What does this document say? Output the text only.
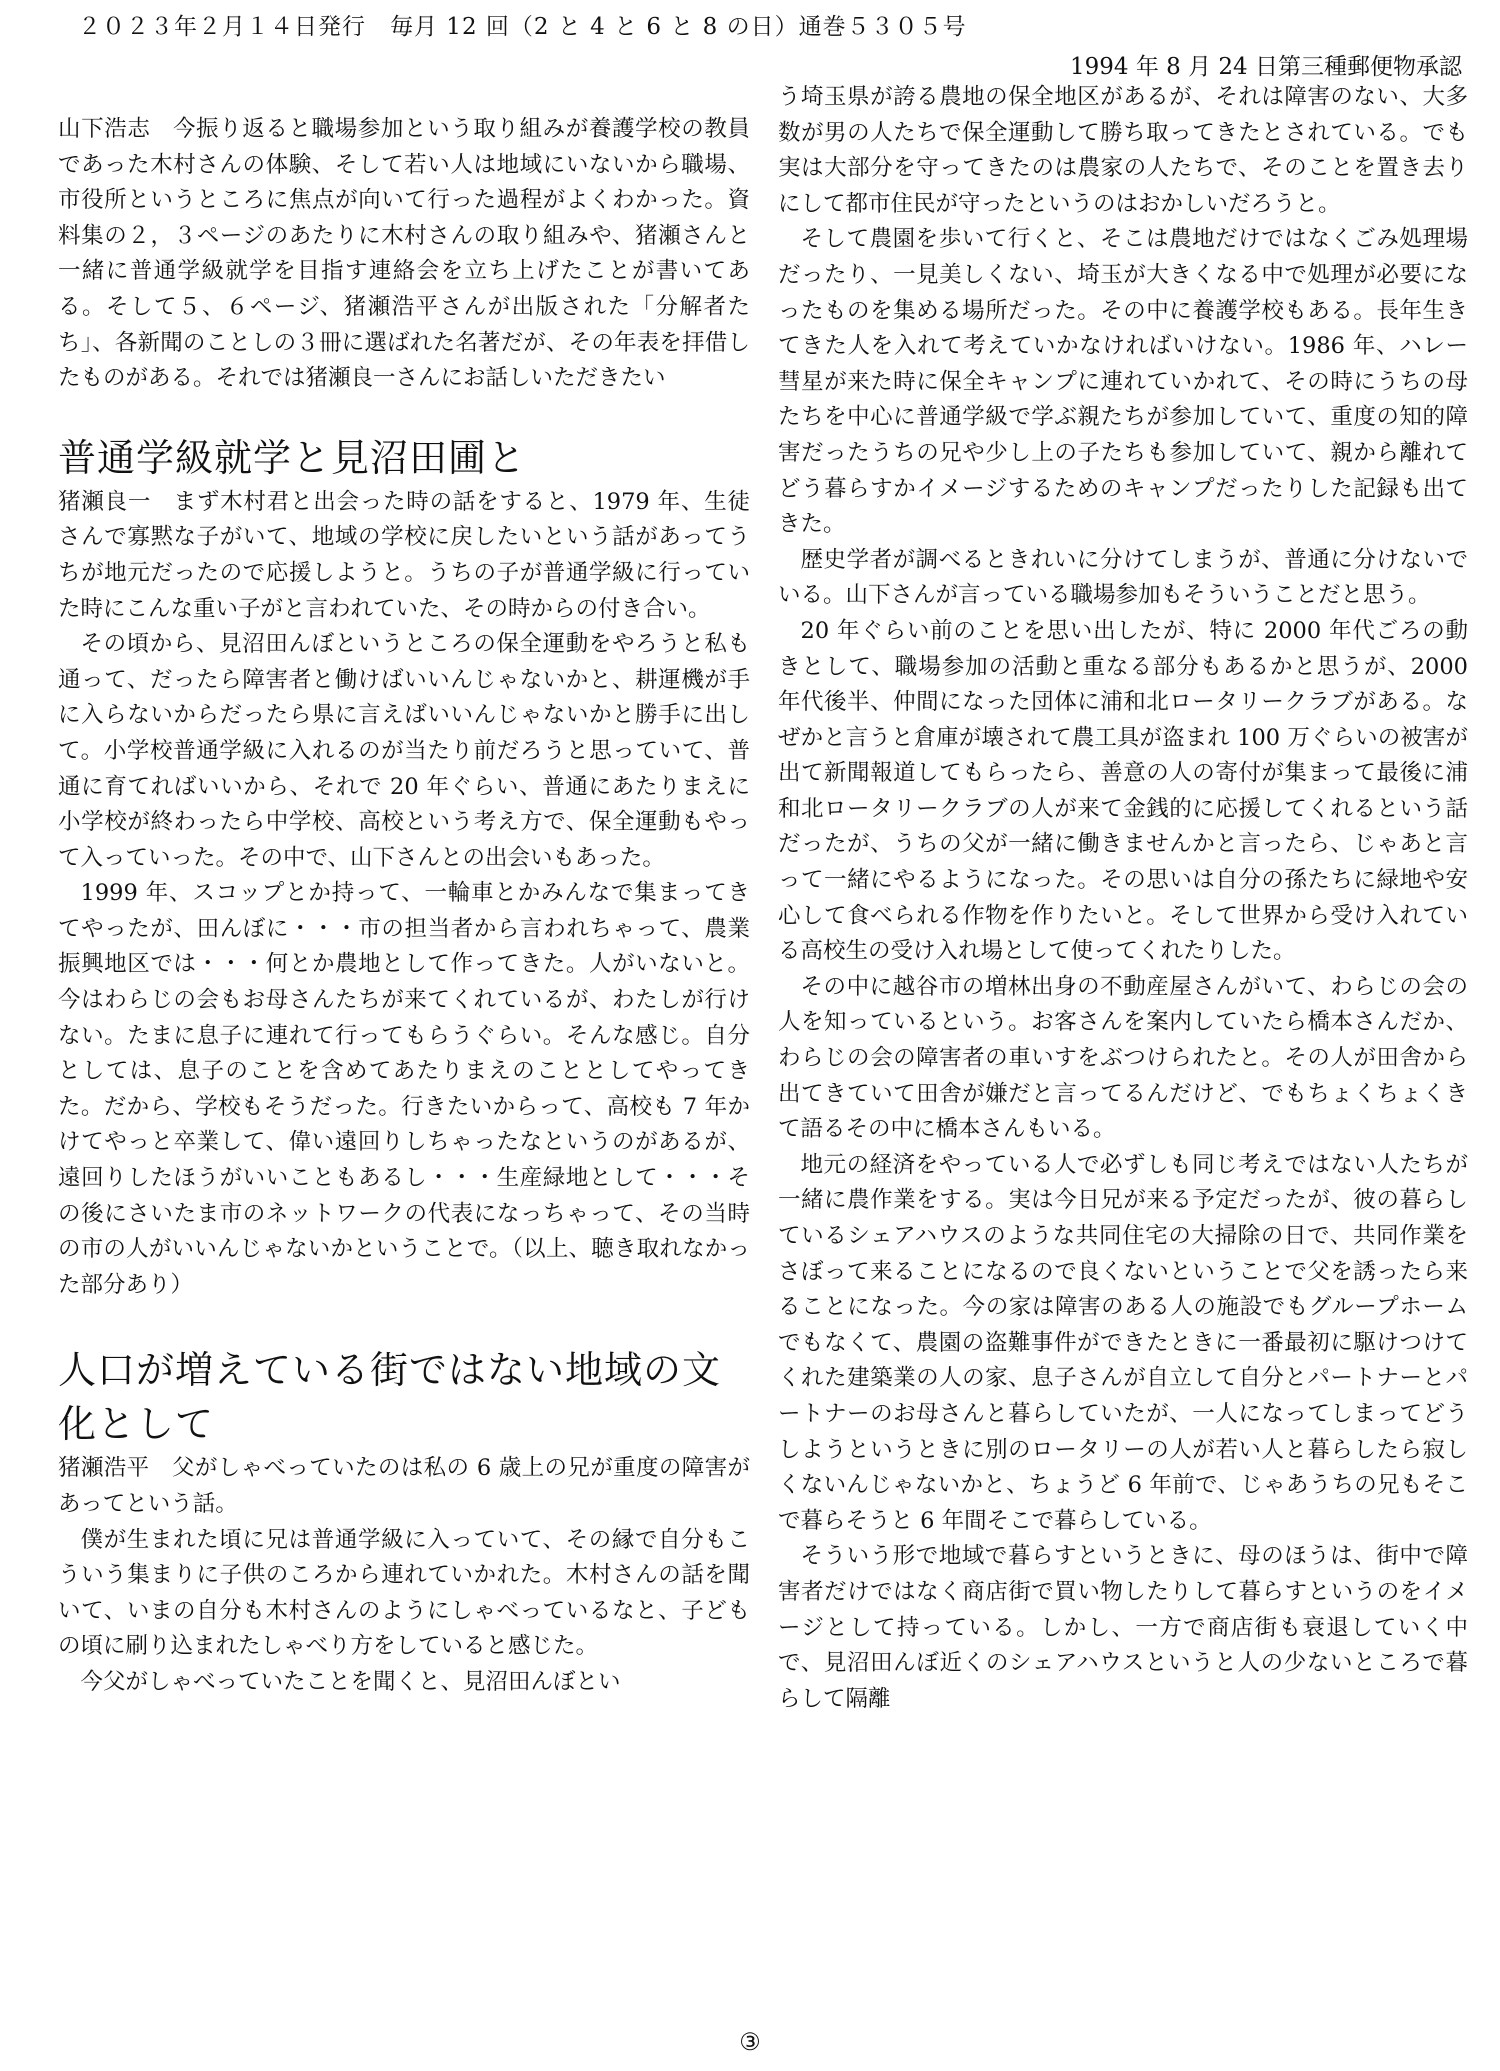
２０２３年２月１４日発行　毎月 12 回（2 と 4 と 6 と 8 の日）通巻５３０５号
1994 年 8 月 24 日第三種郵便物承認

山下浩志 今振り返ると職場参加という取り組みが養護学校の教員であった木村さんの体験、そして若い人は地域にいないから職場、市役所というところに焦点が向いて行った過程がよくわかった。資料集の２，３ページのあたりに木村さんの取り組みや、猪瀬さんと一緒に普通学級就学を目指す連絡会を立ち上げたことが書いてある。そして５、６ページ、猪瀬浩平さんが出版された「分解者たち」、各新聞のことしの３冊に選ばれた名著だが、その年表を拝借したものがある。それでは猪瀬良一さんにお話しいただきたい

普通学級就学と見沼田圃と

猪瀬良一 まず木村君と出会った時の話をすると、1979 年、生徒さんで寡黙な子がいて、地域の学校に戻したいという話があってうちが地元だったので応援しようと。うちの子が普通学級に行っていた時にこんな重い子がと言われていた、その時からの付き合い。

その頃から、見沼田んぼというところの保全運動をやろうと私も通って、だったら障害者と働けばいいんじゃないかと、耕運機が手に入らないからだったら県に言えばいいんじゃないかと勝手に出して。小学校普通学級に入れるのが当たり前だろうと思っていて、普通に育てればいいから、それで 20 年ぐらい、普通にあたりまえに小学校が終わったら中学校、高校という考え方で、保全運動もやって入っていった。その中で、山下さんとの出会いもあった。

1999 年、スコップとか持って、一輪車とかみんなで集まってきてやったが、田んぼに・・・市の担当者から言われちゃって、農業振興地区では・・・何とか農地として作ってきた。人がいないと。今はわらじの会もお母さんたちが来てくれているが、わたしが行けない。たまに息子に連れて行ってもらうぐらい。そんな感じ。自分としては、息子のことを含めてあたりまえのこととしてやってきた。だから、学校もそうだった。行きたいからって、高校も 7 年かけてやっと卒業して、偉い遠回りしちゃったなというのがあるが、遠回りしたほうがいいこともあるし・・・生産緑地として・・・その後にさいたま市のネットワークの代表になっちゃって、その当時の市の人がいいんじゃないかということで。（以上、聴き取れなかった部分あり）

人口が増えている街ではない地域の文化として

猪瀬浩平 父がしゃべっていたのは私の 6 歳上の兄が重度の障害があってという話。

僕が生まれた頃に兄は普通学級に入っていて、その縁で自分もこういう集まりに子供のころから連れていかれた。木村さんの話を聞いて、いまの自分も木村さんのようにしゃべっているなと、子どもの頃に刷り込まれたしゃべり方をしていると感じた。

今父がしゃべっていたことを聞くと、見沼田んぼとい

う埼玉県が誇る農地の保全地区があるが、それは障害のない、大多数が男の人たちで保全運動して勝ち取ってきたとされている。でも実は大部分を守ってきたのは農家の人たちで、そのことを置き去りにして都市住民が守ったというのはおかしいだろうと。

そして農園を歩いて行くと、そこは農地だけではなくごみ処理場だったり、一見美しくない、埼玉が大きくなる中で処理が必要になったものを集める場所だった。その中に養護学校もある。長年生きてきた人を入れて考えていかなければいけない。1986 年、ハレー彗星が来た時に保全キャンプに連れていかれて、その時にうちの母たちを中心に普通学級で学ぶ親たちが参加していて、重度の知的障害だったうちの兄や少し上の子たちも参加していて、親から離れてどう暮らすかイメージするためのキャンプだったりした記録も出てきた。

歴史学者が調べるときれいに分けてしまうが、普通に分けないでいる。山下さんが言っている職場参加もそういうことだと思う。

20 年ぐらい前のことを思い出したが、特に 2000 年代ごろの動きとして、職場参加の活動と重なる部分もあるかと思うが、2000 年代後半、仲間になった団体に浦和北ロータリークラブがある。なぜかと言うと倉庫が壊されて農工具が盗まれ 100 万ぐらいの被害が出て新聞報道してもらったら、善意の人の寄付が集まって最後に浦和北ロータリークラブの人が来て金銭的に応援してくれるという話だったが、うちの父が一緒に働きませんかと言ったら、じゃあと言って一緒にやるようになった。その思いは自分の孫たちに緑地や安心して食べられる作物を作りたいと。そして世界から受け入れている高校生の受け入れ場として使ってくれたりした。

その中に越谷市の増林出身の不動産屋さんがいて、わらじの会の人を知っているという。お客さんを案内していたら橋本さんだか、わらじの会の障害者の車いすをぶつけられたと。その人が田舎から出てきていて田舎が嫌だと言ってるんだけど、でもちょくちょくきて語るその中に橋本さんもいる。

地元の経済をやっている人で必ずしも同じ考えではない人たちが一緒に農作業をする。実は今日兄が来る予定だったが、彼の暮らしているシェアハウスのような共同住宅の大掃除の日で、共同作業をさぼって来ることになるので良くないということで父を誘ったら来ることになった。今の家は障害のある人の施設でもグループホームでもなくて、農園の盗難事件ができたときに一番最初に駆けつけてくれた建築業の人の家、息子さんが自立して自分とパートナーとパートナーのお母さんと暮らしていたが、一人になってしまってどうしようというときに別のロータリーの人が若い人と暮らしたら寂しくないんじゃないかと、ちょうど 6 年前で、じゃあうちの兄もそこで暮らそうと 6 年間そこで暮らしている。

そういう形で地域で暮らすというときに、母のほうは、街中で障害者だけではなく商店街で買い物したりして暮らすというのをイメージとして持っている。しかし、一方で商店街も衰退していく中で、見沼田んぼ近くのシェアハウスというと人の少ないところで暮らして隔離

③
